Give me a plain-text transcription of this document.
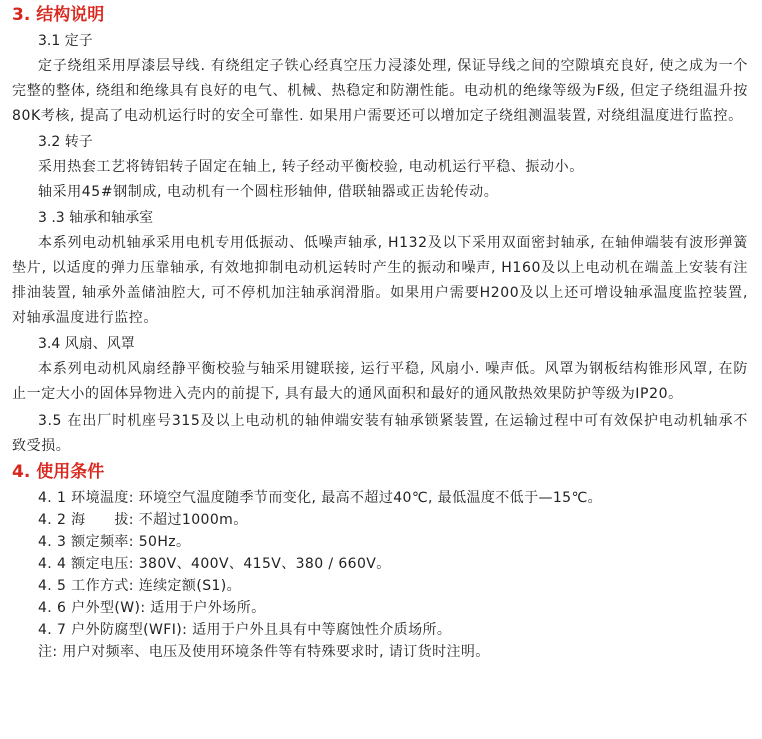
3. 结构说明
3.1 定子

定子绕组采用厚漆层导线. 有绕组定子铁心经真空压力浸漆处理, 保证导线之间的空隙填充良好, 使之成为一个完整的整体, 绕组和绝缘具有良好的电气、机械、热稳定和防潮性能。电动机的绝缘等级为F级, 但定子绕组温升按80K考核, 提高了电动机运行时的安全可靠性. 如果用户需要还可以增加定子绕组测温装置, 对绕组温度进行监控。

3.2 转子

采用热套工艺将铸铝转子固定在轴上, 转子经动平衡校验, 电动机运行平稳、振动小。

轴采用45#钢制成, 电动机有一个圆柱形轴伸, 借联轴器或正齿轮传动。

3 .3 轴承和轴承室

本系列电动机轴承采用电机专用低振动、低噪声轴承, H132及以下采用双面密封轴承, 在轴伸端装有波形弹簧垫片, 以适度的弹力压靠轴承, 有效地抑制电动机运转时产生的振动和噪声, H160及以上电动机在端盖上安装有注排油装置, 轴承外盖储油腔大, 可不停机加注轴承润滑脂。如果用户需要H200及以上还可增设轴承温度监控装置, 对轴承温度进行监控。

3.4 风扇、风罩

本系列电动机风扇经静平衡校验与轴采用键联接, 运行平稳, 风扇小. 噪声低。风罩为钢板结构锥形风罩, 在防止一定大小的固体异物进入壳内的前提下, 具有最大的通风面积和最好的通风散热效果防护等级为IP20。

3.5 在出厂时机座号315及以上电动机的轴伸端安装有轴承锁紧装置, 在运输过程中可有效保护电动机轴承不致受损。

4. 使用条件
4. 1 环境温度: 环境空气温度随季节而变化, 最高不超过40℃, 最低温度不低于—15℃。
4. 2 海　　拔: 不超过1000m。
4. 3 额定频率: 50Hz。
4. 4 额定电压: 380V、400V、415V、380 / 660V。
4. 5 工作方式: 连续定额(S1)。
4. 6 户外型(W): 适用于户外场所。
4. 7 户外防腐型(WFI): 适用于户外且具有中等腐蚀性介质场所。
注: 用户对频率、电压及使用环境条件等有特殊要求时, 请订货时注明。
